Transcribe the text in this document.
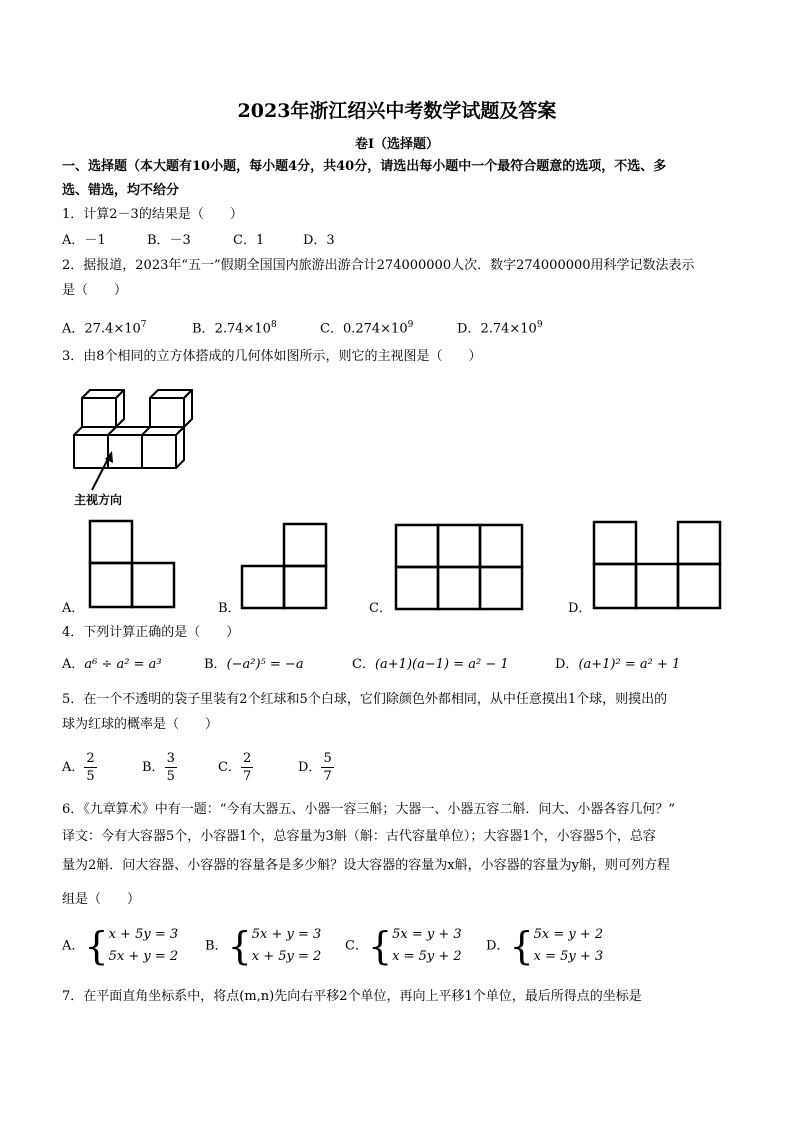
2023年浙江绍兴中考数学试题及答案
卷Ⅰ（选择题）
一、选择题（本大题有10小题，每小题4分，共40分，请选出每小题中一个最符合题意的选项，不选、多
选、错选，均不给分
1．计算2－3的结果是（　　）
A．－1	B．－3	C．1	D．3
2．据报道，2023年“五一”假期全国国内旅游出游合计274000000人次．数字274000000用科学记数法表示
是（　　）
A．$27.4\times 10^7$	B．$2.74\times 10^8$	C．$0.274\times 10^9$	D．$2.74\times 10^9$
3．由8个相同的立方体搭成的几何体如图所示，则它的主视图是（　　）
主视方向
A．	B．	C．	D．
4．下列计算正确的是（　　）
A．a⁶ ÷ a² = a³	B．(−a²)⁵ = −a	C．(a+1)(a−1) = a² − 1	D．(a+1)² = a² + 1
5．在一个不透明的袋子里装有2个红球和5个白球，它们除颜色外都相同，从中任意摸出1个球，则摸出的
球为红球的概率是（　　）
A． $\frac{2}{5}$	B． $\frac{3}{5}$	C． $\frac{2}{7}$	D． $\frac{5}{7}$
6．《九章算术》中有一题：“今有大器五、小器一容三斛；大器一、小器五容二斛．问大、小器各容几何？”
译文：今有大容器5个，小容器1个，总容量为3斛（斛：古代容量单位）；大容器1个，小容器5个，总容
量为2斛．问大容器、小容器的容量各是多少斛？设大容器的容量为x斛，小容器的容量为y斛，则可列方程
组是（　　）
A．{ x + 5y = 3
5x + y = 2
B．{ 5x + y = 3
x + 5y = 2
C．{ 5x = y + 3
x = 5y + 2
D．{ 5x = y + 2
x = 5y + 3
7．在平面直角坐标系中，将点(m,n)先向右平移2个单位，再向上平移1个单位，最后所得点的坐标是
